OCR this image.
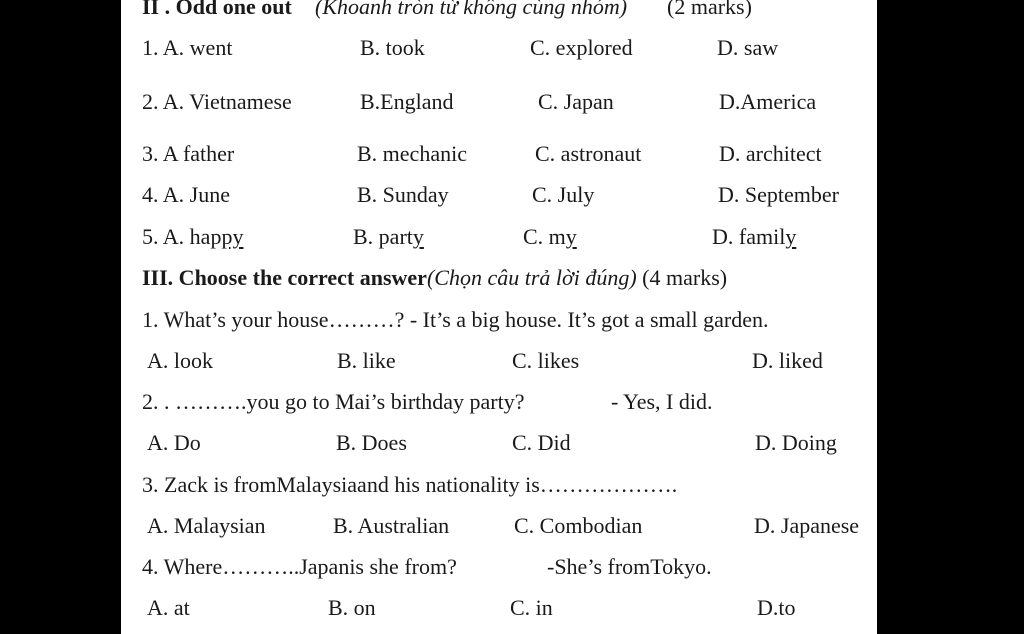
II . Odd one out (Khoanh tròn từ không cùng nhóm) (2 marks)
1. A. went	B. took	C. explored	D. saw
2. A. Vietnamese	B.England	C. Japan	D.America
3. A father	B. mechanic	C. astronaut	D. architect
4. A. June	B. Sunday	C. July	D. September
5. A. happy	B. party	C. my	D. family
III. Choose the correct answer(Chọn câu trả lời đúng) (4 marks)
1. What’s your house………? - It’s a big house. It’s got a small garden.
A. look	B. like	C. likes	D. liked
2. . ……….you go to Mai’s birthday party?	- Yes, I did.
A. Do	B. Does	C. Did	D. Doing
3. Zack is fromMalaysiaand his nationality is……………….
A. Malaysian	B. Australian	C. Combodian	D. Japanese
4. Where………..Japanis she from?	-She’s fromTokyo.
A. at	B. on	C. in	D.to
